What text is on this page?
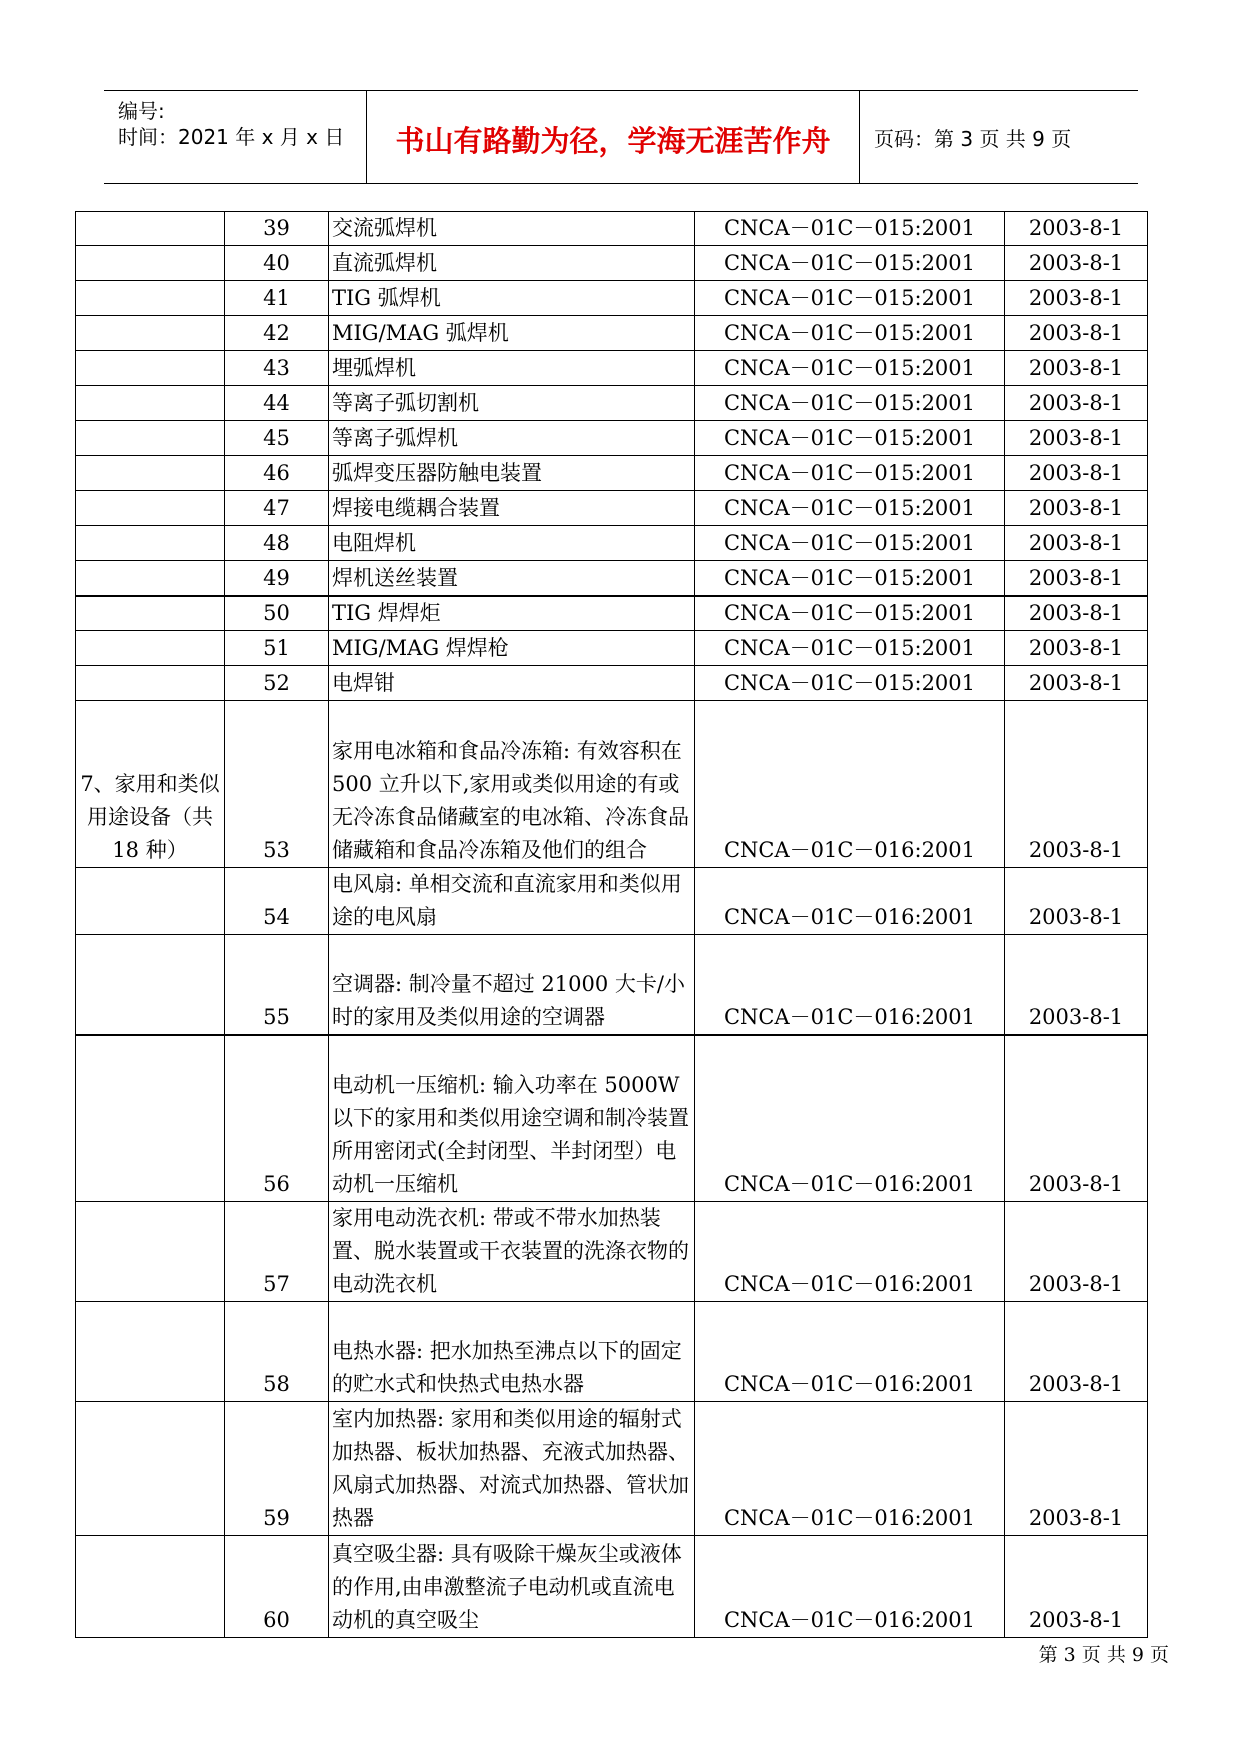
编号:
时间：2021 年 x 月 x 日	书山有路勤为径，学海无涯苦作舟	页码：第 3 页 共 9 页
	39	交流弧焊机	CNCA－01C－015:2001	2003-8-1
	40	直流弧焊机	CNCA－01C－015:2001	2003-8-1
	41	TIG 弧焊机	CNCA－01C－015:2001	2003-8-1
	42	MIG/MAG 弧焊机	CNCA－01C－015:2001	2003-8-1
	43	埋弧焊机	CNCA－01C－015:2001	2003-8-1
	44	等离子弧切割机	CNCA－01C－015:2001	2003-8-1
	45	等离子弧焊机	CNCA－01C－015:2001	2003-8-1
	46	弧焊变压器防触电装置	CNCA－01C－015:2001	2003-8-1
	47	焊接电缆耦合装置	CNCA－01C－015:2001	2003-8-1
	48	电阻焊机	CNCA－01C－015:2001	2003-8-1
	49	焊机送丝装置	CNCA－01C－015:2001	2003-8-1
	50	TIG 焊焊炬	CNCA－01C－015:2001	2003-8-1
	51	MIG/MAG 焊焊枪	CNCA－01C－015:2001	2003-8-1
	52	电焊钳	CNCA－01C－015:2001	2003-8-1
7、家用和类似用途设备（共 18 种）	53	家用电冰箱和食品冷冻箱: 有效容积在 500 立升以下,家用或类似用途的有或无冷冻食品储藏室的电冰箱、冷冻食品储藏箱和食品冷冻箱及他们的组合	CNCA－01C－016:2001	2003-8-1
	54	电风扇: 单相交流和直流家用和类似用途的电风扇	CNCA－01C－016:2001	2003-8-1
	55	空调器: 制冷量不超过 21000 大卡/小时的家用及类似用途的空调器	CNCA－01C－016:2001	2003-8-1
	56	电动机一压缩机: 输入功率在 5000W 以下的家用和类似用途空调和制冷装置所用密闭式(全封闭型、半封闭型）电动机一压缩机	CNCA－01C－016:2001	2003-8-1
	57	家用电动洗衣机: 带或不带水加热装置、脱水装置或干衣装置的洗涤衣物的电动洗衣机	CNCA－01C－016:2001	2003-8-1
	58	电热水器: 把水加热至沸点以下的固定的贮水式和快热式电热水器	CNCA－01C－016:2001	2003-8-1
	59	室内加热器: 家用和类似用途的辐射式加热器、板状加热器、充液式加热器、风扇式加热器、对流式加热器、管状加热器	CNCA－01C－016:2001	2003-8-1
	60	真空吸尘器: 具有吸除干燥灰尘或液体的作用,由串激整流子电动机或直流电动机的真空吸尘	CNCA－01C－016:2001	2003-8-1
第 3 页 共 9 页
